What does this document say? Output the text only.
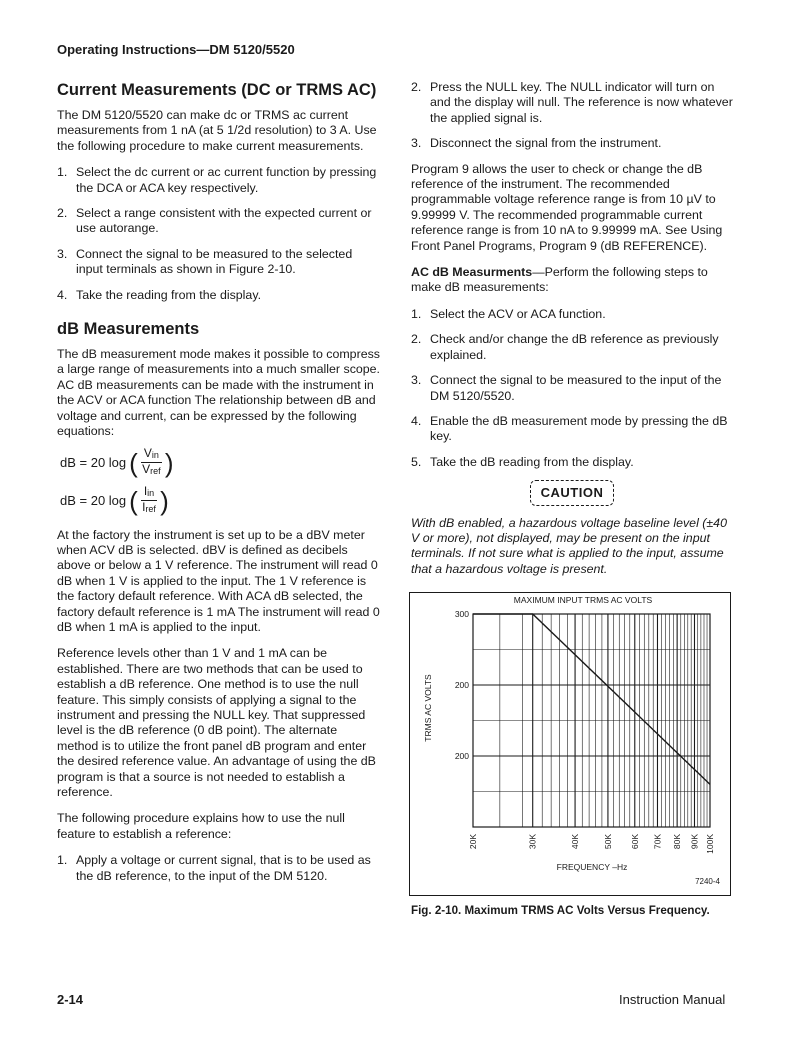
Operating Instructions—DM 5120/5520
Current Measurements (DC or TRMS AC)

The DM 5120/5520 can make dc or TRMS ac current measurements from 1 nA (at 5 1/2d resolution) to 3 A. Use the following procedure to make current measurements.

1. Select the dc current or ac current function by pressing the DCA or ACA key respectively.
2. Select a range consistent with the expected current or use autorange.
3. Connect the signal to be measured to the selected input terminals as shown in Figure 2-10.
4. Take the reading from the display.
dB Measurements

The dB measurement mode makes it possible to compress a large range of measurements into a much smaller scope. AC dB measurements can be made with the instrument in the ACV or ACA function The relationship between dB and voltage and current, can be expressed by the following equations:

dB = 20 log ( $\frac{V_{in}}{V_{ref}}$ )
dB = 20 log ( $\frac{I_{in}}{I_{ref}}$ )

At the factory the instrument is set up to be a dBV meter when ACV dB is selected. dBV is defined as decibels above or below a 1 V reference. The instrument will read 0 dB when 1 V is applied to the input. The 1 V reference is the factory default reference. With ACA dB selected, the factory default reference is 1 mA The instrument will read 0 dB when 1 mA is applied to the input.

Reference levels other than 1 V and 1 mA can be established. There are two methods that can be used to establish a dB reference. One method is to use the null feature. This simply consists of applying a signal to the instrument and pressing the NULL key. That suppressed level is the dB reference (0 dB point). The alternate method is to utilize the front panel dB program and enter the desired reference value. An advantage of using the dB program is that a source is not needed to establish a reference.

The following procedure explains how to use the null feature to establish a reference:

1. Apply a voltage or current signal, that is to be used as the dB reference, to the input of the DM 5120.
2. Press the NULL key. The NULL indicator will turn on and the display will null. The reference is now whatever the applied signal is.
3. Disconnect the signal from the instrument.

Program 9 allows the user to check or change the dB reference of the instrument. The recommended programmable voltage reference range is from 10 µV to 9.99999 V. The recommended programmable current reference range is from 10 nA to 9.99999 mA. See Using Front Panel Programs, Program 9 (dB REFERENCE).

AC dB Measurments—Perform the following steps to make dB measurements:

1. Select the ACV or ACA function.
2. Check and/or change the dB reference as previously explained.
3. Connect the signal to be measured to the input of the DM 5120/5520.
4. Enable the dB measurement mode by pressing the dB key.
5. Take the dB reading from the display.
CAUTION

With dB enabled, a hazardous voltage baseline level (±40 V or more), not displayed, may be present on the input terminals. If not sure what is applied to the input, assume that a hazardous voltage is present.

MAXIMUM INPUT TRMS AC VOLTS
TRMS AC VOLTS
FREQUENCY –Hz
7240-4
300
200
200
20K	30K	40K	50K 60K 70K 80K 90K 100K
Fig. 2-10. Maximum TRMS AC Volts Versus Frequency.
2-14	Instruction Manual
